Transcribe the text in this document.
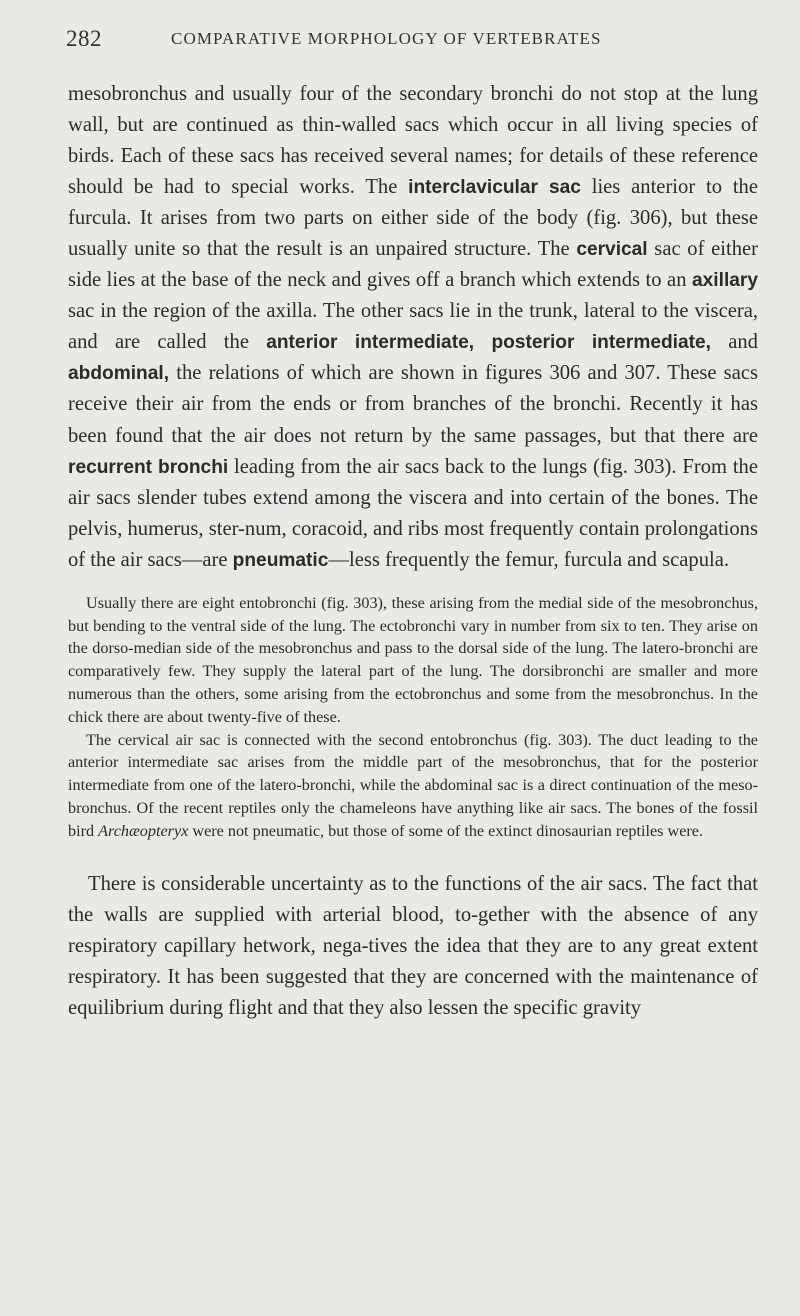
282	COMPARATIVE MORPHOLOGY OF VERTEBRATES

mesobronchus and usually four of the secondary bronchi do not stop at the lung wall, but are continued as thin-walled sacs which occur in all living species of birds. Each of these sacs has received several names; for details of these reference should be had to special works. The interclavicular sac lies anterior to the furcula. It arises from two parts on either side of the body (fig. 306), but these usually unite so that the result is an unpaired structure. The cervical sac of either side lies at the base of the neck and gives off a branch which extends to an axillary sac in the region of the axilla. The other sacs lie in the trunk, lateral to the viscera, and are called the anterior intermediate, posterior intermediate, and abdominal, the relations of which are shown in figures 306 and 307. These sacs receive their air from the ends or from branches of the bronchi. Recently it has been found that the air does not return by the same passages, but that there are recurrent bronchi leading from the air sacs back to the lungs (fig. 303). From the air sacs slender tubes extend among the viscera and into certain of the bones. The pelvis, humerus, ster-num, coracoid, and ribs most frequently contain prolongations of the air sacs—are pneumatic—less frequently the femur, furcula and scapula.

Usually there are eight entobronchi (fig. 303), these arising from the medial side of the mesobronchus, but bending to the ventral side of the lung. The ectobronchi vary in number from six to ten. They arise on the dorso-median side of the mesobronchus and pass to the dorsal side of the lung. The latero-bronchi are comparatively few. They supply the lateral part of the lung. The dorsibronchi are smaller and more numerous than the others, some arising from the ectobronchus and some from the mesobronchus. In the chick there are about twenty-five of these.

The cervical air sac is connected with the second entobronchus (fig. 303). The duct leading to the anterior intermediate sac arises from the middle part of the mesobronchus, that for the posterior intermediate from one of the latero-bronchi, while the abdominal sac is a direct continuation of the meso-bronchus. Of the recent reptiles only the chameleons have anything like air sacs. The bones of the fossil bird Archæopteryx were not pneumatic, but those of some of the extinct dinosaurian reptiles were.

There is considerable uncertainty as to the functions of the air sacs. The fact that the walls are supplied with arterial blood, to-gether with the absence of any respiratory capillary hetwork, nega-tives the idea that they are to any great extent respiratory. It has been suggested that they are concerned with the maintenance of equilibrium during flight and that they also lessen the specific gravity
